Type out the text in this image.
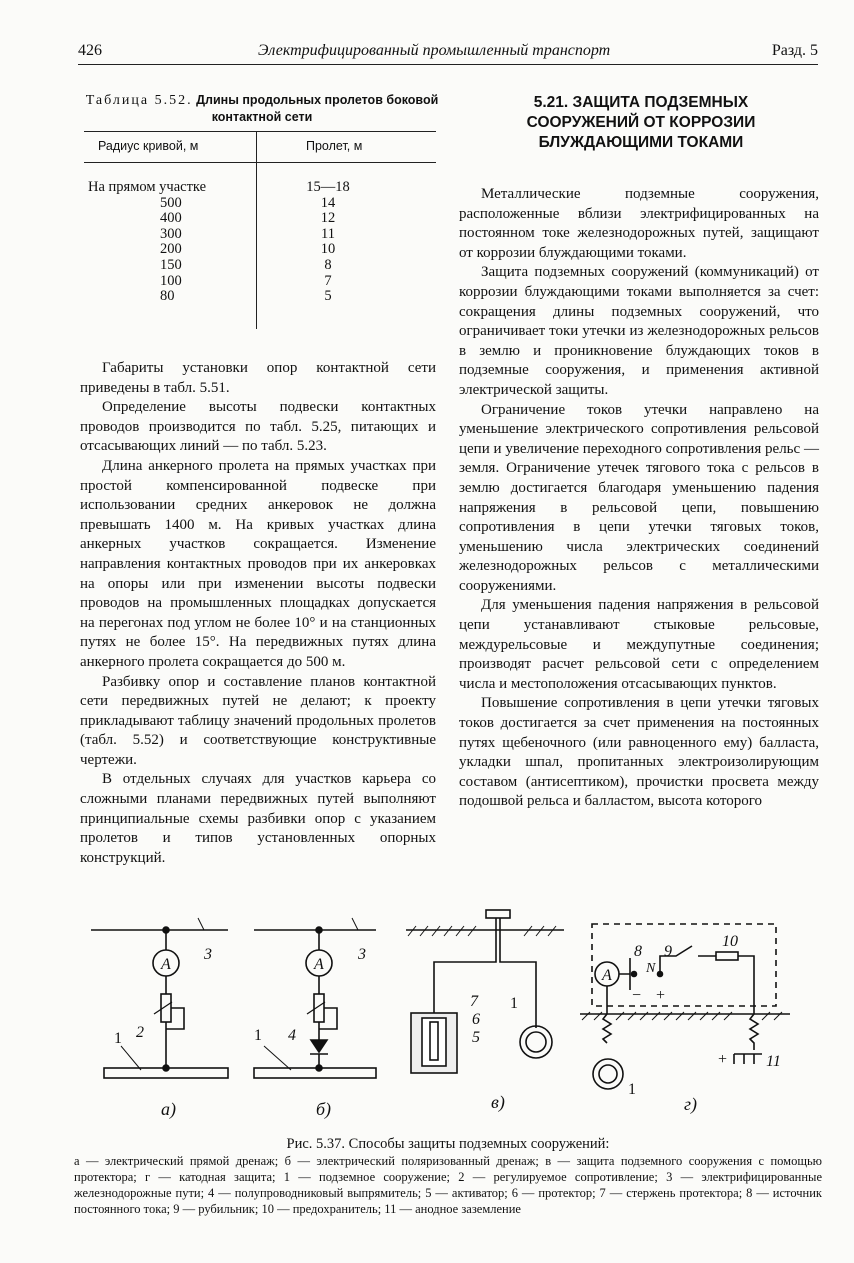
426	Электрифицированный промышленный транспорт	Разд. 5
Таблица 5.52. Длины продольных пролетов боковой контактной сети
Радиус кривой, м	Пролет, м
На прямом участке	15—18
500	14
400	12
300	11
200	10
150	8
100	7
80	5

Габариты установки опор контактной сети приведены в табл. 5.51.

Определение высоты подвески контактных проводов производится по табл. 5.25, питающих и отсасывающих линий — по табл. 5.23.

Длина анкерного пролета на прямых участках при простой компенсированной подвеске при использовании средних анкеровок не должна превышать 1400 м. На кривых участках длина анкерных участков сокращается. Изменение направления контактных проводов при их анкеровках на опоры или при изменении высоты подвески проводов на промышленных площадках допускается на перегонах под углом не более 10° и на станционных путях не более 15°. На передвижных путях длина анкерного пролета сокращается до 500 м.

Разбивку опор и составление планов контактной сети передвижных путей не делают; к проекту прикладывают таблицу значений продольных пролетов (табл. 5.52) и соответствующие конструктивные чертежи.

В отдельных случаях для участков карьера со сложными планами передвижных путей выполняют принципиальные схемы разбивки опор с указанием пролетов и типов установленных опорных конструкций.

5.21. ЗАЩИТА ПОДЗЕМНЫХ СООРУЖЕНИЙ ОТ КОРРОЗИИ БЛУЖДАЮЩИМИ ТОКАМИ

Металлические подземные сооружения, расположенные вблизи электрифицированных на постоянном токе железнодорожных путей, защищают от коррозии блуждающими токами.

Защита подземных сооружений (коммуникаций) от коррозии блуждающими токами выполняется за счет: сокращения длины подземных сооружений, что ограничивает токи утечки из железнодорожных рельсов в землю и проникновение блуждающих токов в подземные сооружения, и применения активной электрической защиты.

Ограничение токов утечки направлено на уменьшение электрического сопротивления рельсовой цепи и увеличение переходного сопротивления рельс — земля. Ограничение утечек тягового тока с рельсов в землю достигается благодаря уменьшению падения напряжения в рельсовой цепи, повышению сопротивления в цепи утечки тяговых токов, уменьшению числа электрических соединений железнодорожных рельсов с металлическими сооружениями.

Для уменьшения падения напряжения в рельсовой цепи устанавливают стыковые рельсовые, междурельсовые и междупутные соединения; производят расчет рельсовой сети с определением числа и местоположения отсасывающих пунктов.

Повышение сопротивления в цепи утечки тяговых токов достигается за счет применения на постоянных путях щебеночного (или равноценного ему) балласта, укладки шпал, пропитанных электроизолирующим составом (антисептиком), прочистки просвета между подошвой рельса и балластом, высота которого

A
3
1 2
а)
A
3
1 4
б)
7
6
5
1
в)
A
8 9
10
N
− +
+ 11
1
г)
Рис. 5.37. Способы защиты подземных сооружений:
а — электрический прямой дренаж; б — электрический поляризованный дренаж; в — защита подземного сооружения с помощью протектора; г — катодная защита; 1 — подземное сооружение; 2 — регулируемое сопротивление; 3 — электрифицированные железнодорожные пути; 4 — полупроводниковый выпрямитель; 5 — активатор; 6 — протектор; 7 — стержень протектора; 8 — источник постоянного тока; 9 — рубильник; 10 — предохранитель; 11 — анодное заземление
